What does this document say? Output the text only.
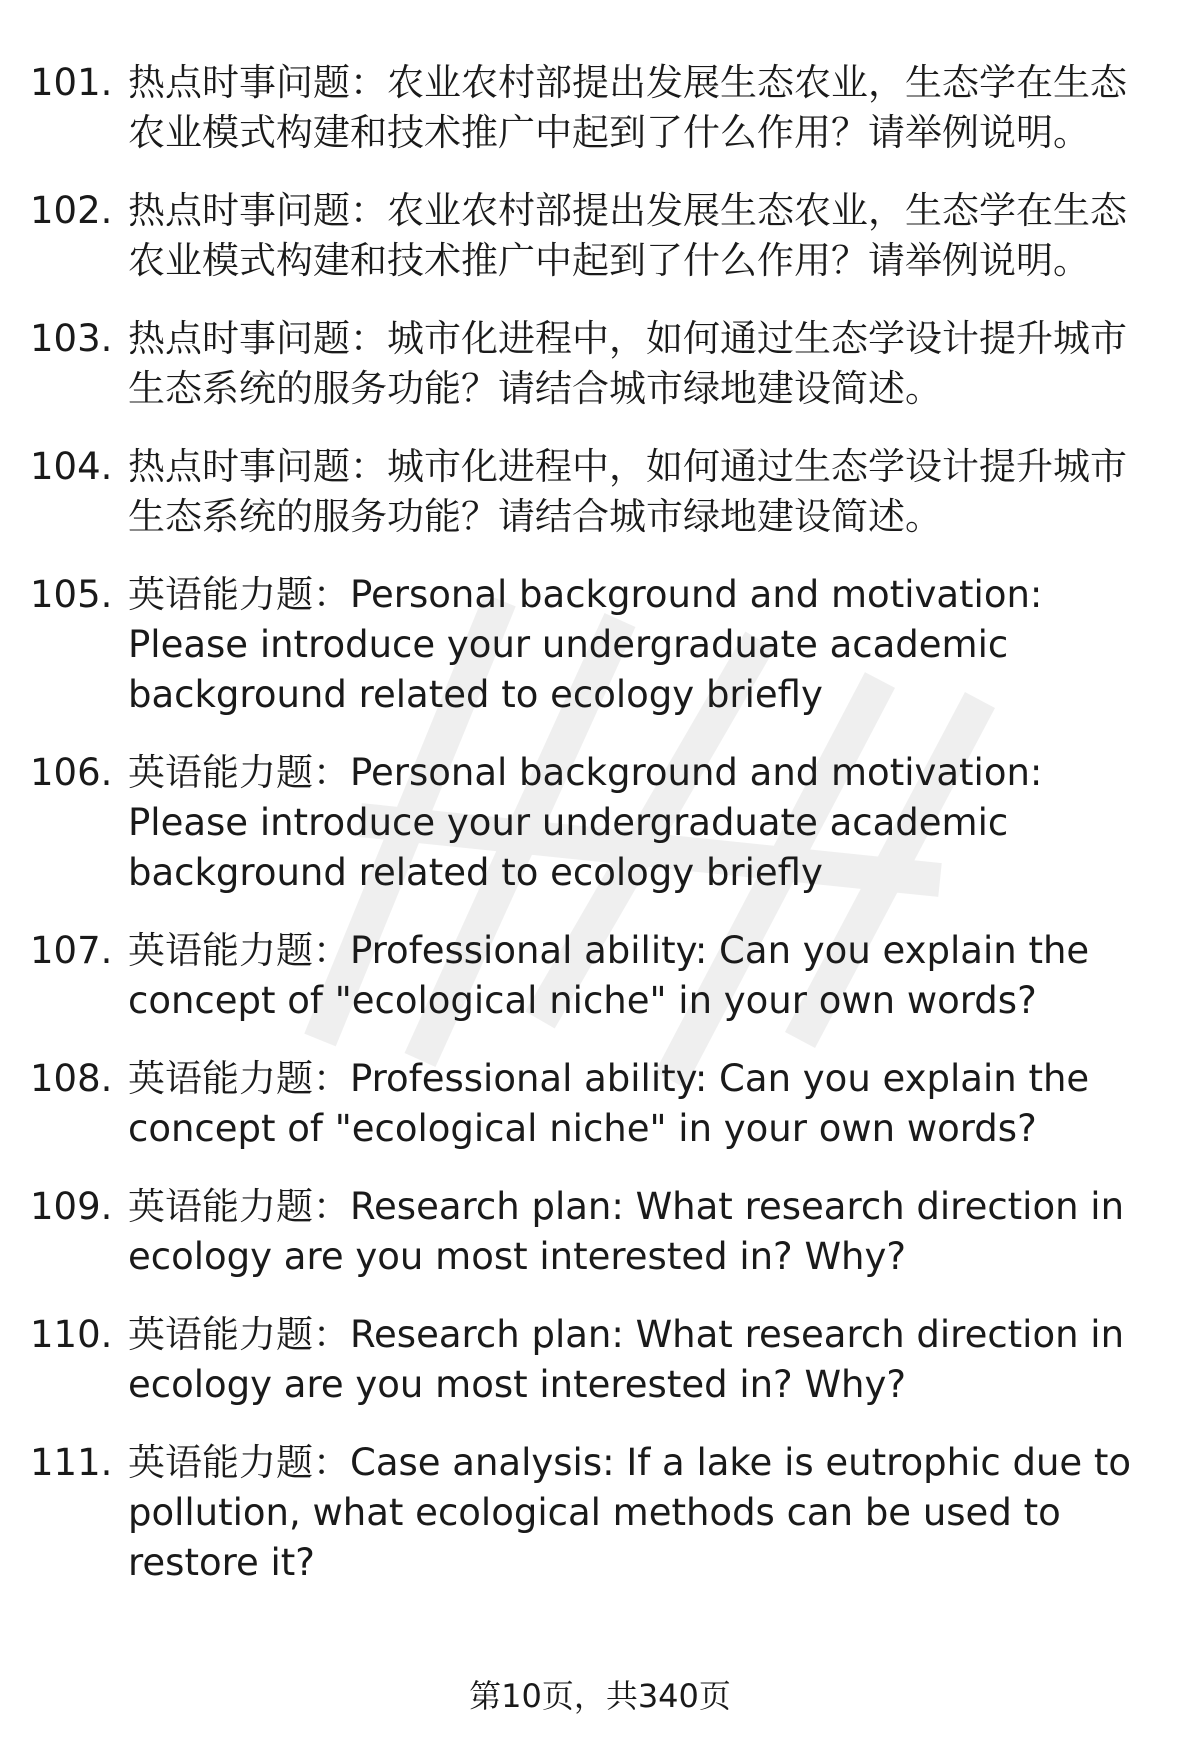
101. 热点时事问题：农业农村部提出发展生态农业，生态学在生态农业模式构建和技术推广中起到了什么作用？请举例说明。
102. 热点时事问题：农业农村部提出发展生态农业，生态学在生态农业模式构建和技术推广中起到了什么作用？请举例说明。
103. 热点时事问题：城市化进程中，如何通过生态学设计提升城市生态系统的服务功能？请结合城市绿地建设简述。
104. 热点时事问题：城市化进程中，如何通过生态学设计提升城市生态系统的服务功能？请结合城市绿地建设简述。
105. 英语能力题：Personal background and motivation: Please introduce your undergraduate academic background related to ecology briefly
106. 英语能力题：Personal background and motivation: Please introduce your undergraduate academic background related to ecology briefly
107. 英语能力题：Professional ability: Can you explain the concept of "ecological niche" in your own words?
108. 英语能力题：Professional ability: Can you explain the concept of "ecological niche" in your own words?
109. 英语能力题：Research plan: What research direction in ecology are you most interested in? Why?
110. 英语能力题：Research plan: What research direction in ecology are you most interested in? Why?
111. 英语能力题：Case analysis: If a lake is eutrophic due to pollution, what ecological methods can be used to restore it?
第10页，共340页
